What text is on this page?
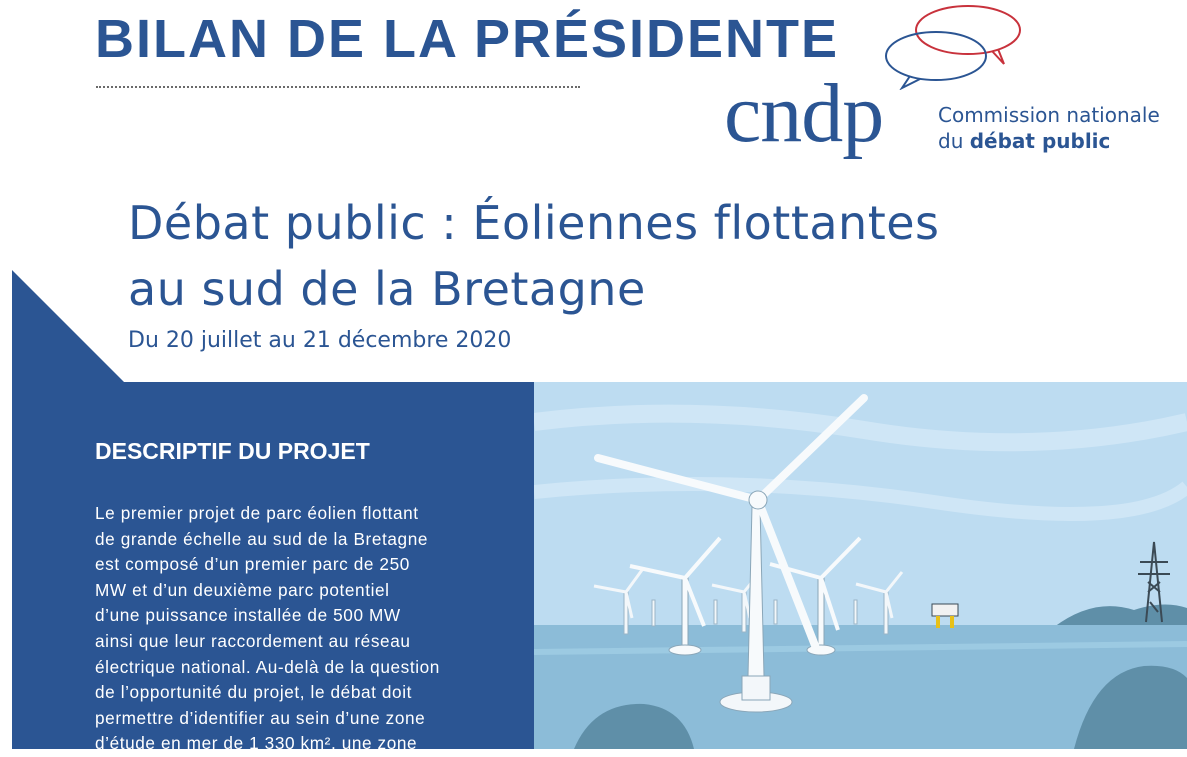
BILAN DE LA PRÉSIDENTE
cndp	Commission nationale
du débat public
Débat public : Éoliennes flottantes
au sud de la Bretagne
Du 20 juillet au 21 décembre 2020
DESCRIPTIF DU PROJET

Le premier projet de parc éolien flottant
de grande échelle au sud de la Bretagne
est composé d’un premier parc de 250
MW et d’un deuxième parc potentiel
d’une puissance installée de 500 MW
ainsi que leur raccordement au réseau
électrique national. Au-delà de la question
de l’opportunité du projet, le débat doit
permettre d’identifier au sein d’une zone
d’étude en mer de 1 330 km², une zone
